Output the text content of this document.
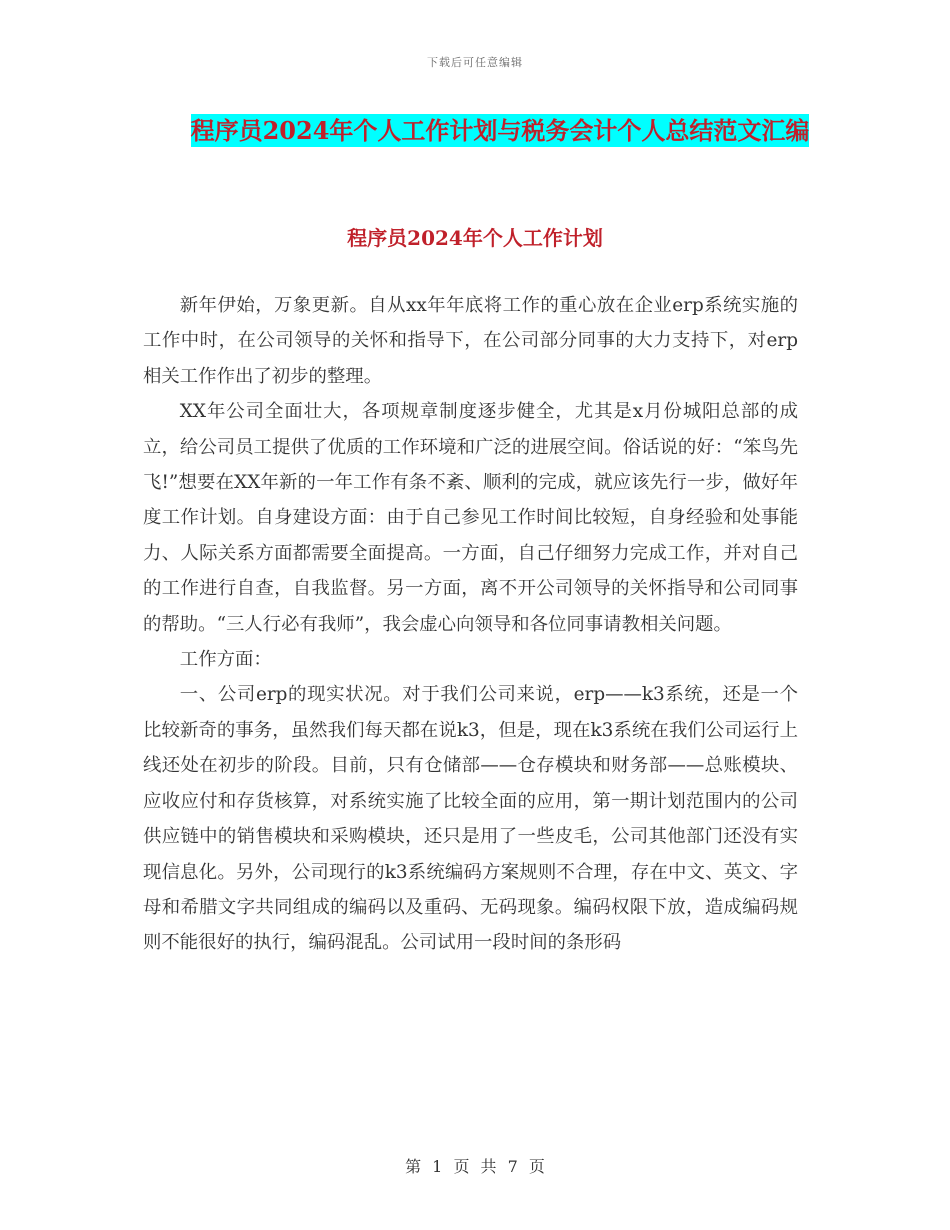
下载后可任意编辑
程序员2024年个人工作计划与税务会计个人总结范文汇编
程序员2024年个人工作计划

新年伊始，万象更新。自从xx年年底将工作的重心放在企业erp系统实施的工作中时，在公司领导的关怀和指导下，在公司部分同事的大力支持下，对erp相关工作作出了初步的整理。

XX年公司全面壮大，各项规章制度逐步健全，尤其是x月份城阳总部的成立，给公司员工提供了优质的工作环境和广泛的进展空间。俗话说的好：“笨鸟先飞!”想要在XX年新的一年工作有条不紊、顺利的完成，就应该先行一步，做好年度工作计划。自身建设方面：由于自己参见工作时间比较短，自身经验和处事能力、人际关系方面都需要全面提高。一方面，自己仔细努力完成工作，并对自己的工作进行自查，自我监督。另一方面，离不开公司领导的关怀指导和公司同事的帮助。“三人行必有我师”，我会虚心向领导和各位同事请教相关问题。

工作方面：

一、公司erp的现实状况。对于我们公司来说，erp——k3系统，还是一个比较新奇的事务，虽然我们每天都在说k3，但是，现在k3系统在我们公司运行上线还处在初步的阶段。目前，只有仓储部——仓存模块和财务部——总账模块、应收应付和存货核算，对系统实施了比较全面的应用，第一期计划范围内的公司供应链中的销售模块和采购模块，还只是用了一些皮毛，公司其他部门还没有实现信息化。另外，公司现行的k3系统编码方案规则不合理，存在中文、英文、字母和希腊文字共同组成的编码以及重码、无码现象。编码权限下放，造成编码规则不能很好的执行，编码混乱。公司试用一段时间的条形码

第 1 页 共 7 页
